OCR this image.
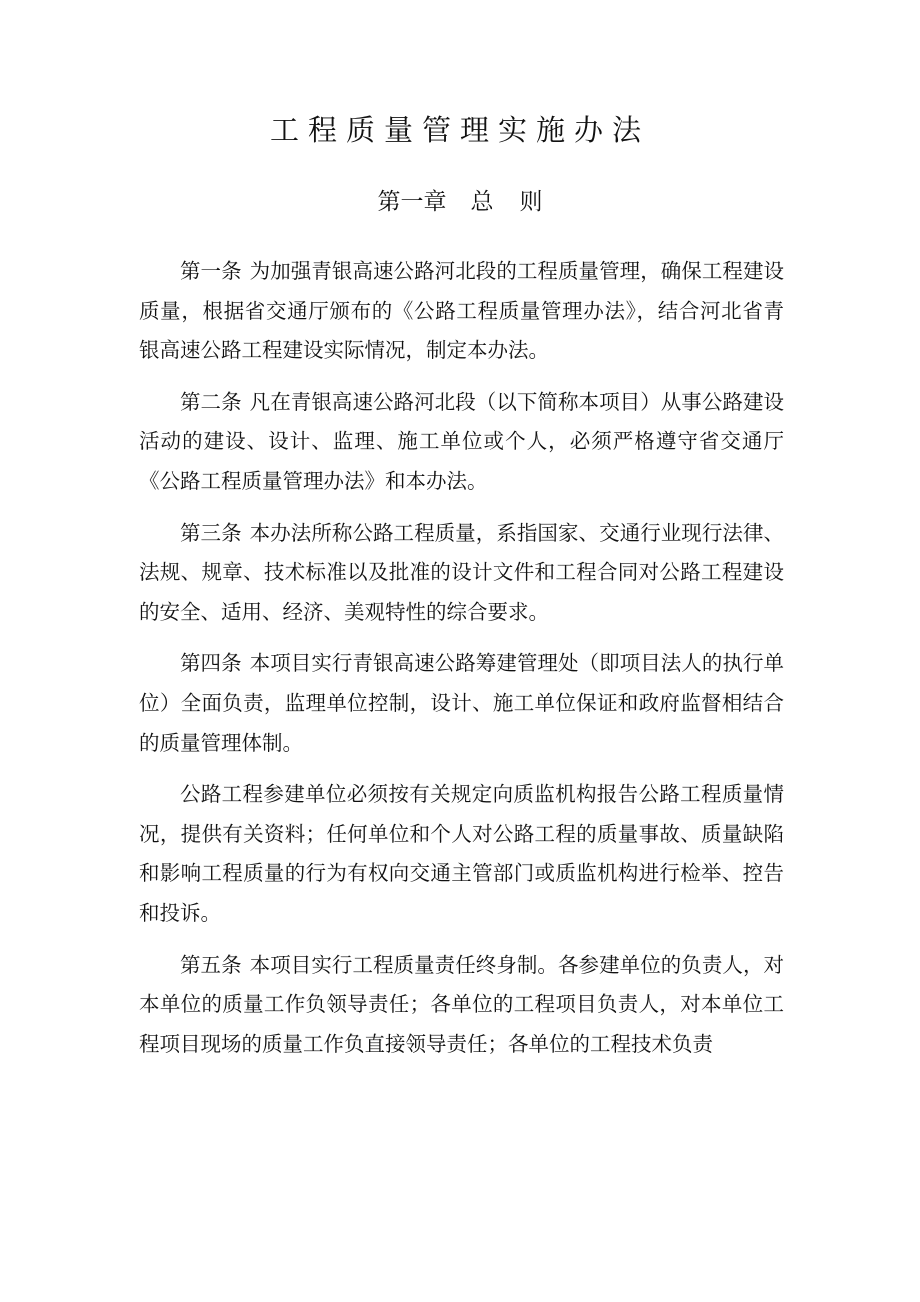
工程质量管理实施办法
第一章 总 则

第一条 为加强青银高速公路河北段的工程质量管理，确保工程建设质量，根据省交通厅颁布的《公路工程质量管理办法》，结合河北省青银高速公路工程建设实际情况，制定本办法。

第二条 凡在青银高速公路河北段（以下简称本项目）从事公路建设活动的建设、设计、监理、施工单位或个人，必须严格遵守省交通厅《公路工程质量管理办法》和本办法。

第三条 本办法所称公路工程质量，系指国家、交通行业现行法律、法规、规章、技术标准以及批准的设计文件和工程合同对公路工程建设的安全、适用、经济、美观特性的综合要求。

第四条 本项目实行青银高速公路筹建管理处（即项目法人的执行单位）全面负责，监理单位控制，设计、施工单位保证和政府监督相结合的质量管理体制。

公路工程参建单位必须按有关规定向质监机构报告公路工程质量情况，提供有关资料；任何单位和个人对公路工程的质量事故、质量缺陷和影响工程质量的行为有权向交通主管部门或质监机构进行检举、控告和投诉。

第五条 本项目实行工程质量责任终身制。各参建单位的负责人，对本单位的质量工作负领导责任；各单位的工程项目负责人，对本单位工程项目现场的质量工作负直接领导责任；各单位的工程技术负责
